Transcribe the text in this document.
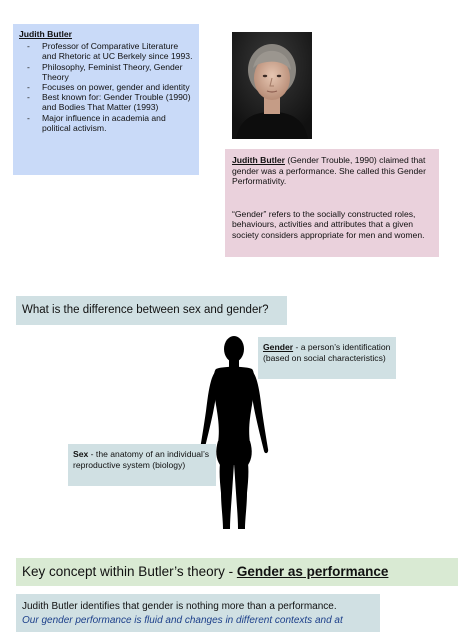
Judith Butler
- Professor of Comparative Literature and Rhetoric at UC Berkely since 1993.
- Philosophy, Feminist Theory, Gender Theory
- Focuses on power, gender and identity
- Best known for: Gender Trouble (1990) and Bodies That Matter (1993)
- Major influence in academia and political activism.

Judith Butler (Gender Trouble, 1990) claimed that gender was a performance. She called this Gender Performativity.

“Gender” refers to the socially constructed roles, behaviours, activities and attributes that a given society considers appropriate for men and women.

What is the difference between sex and gender?
Gender - a person’s identification (based on social characteristics)
Sex - the anatomy of an individual’s reproductive system (biology)
Key concept within Butler’s theory - Gender as performance
Judith Butler identifies that gender is nothing more than a performance.
Our gender performance is fluid and changes in different contexts and at
